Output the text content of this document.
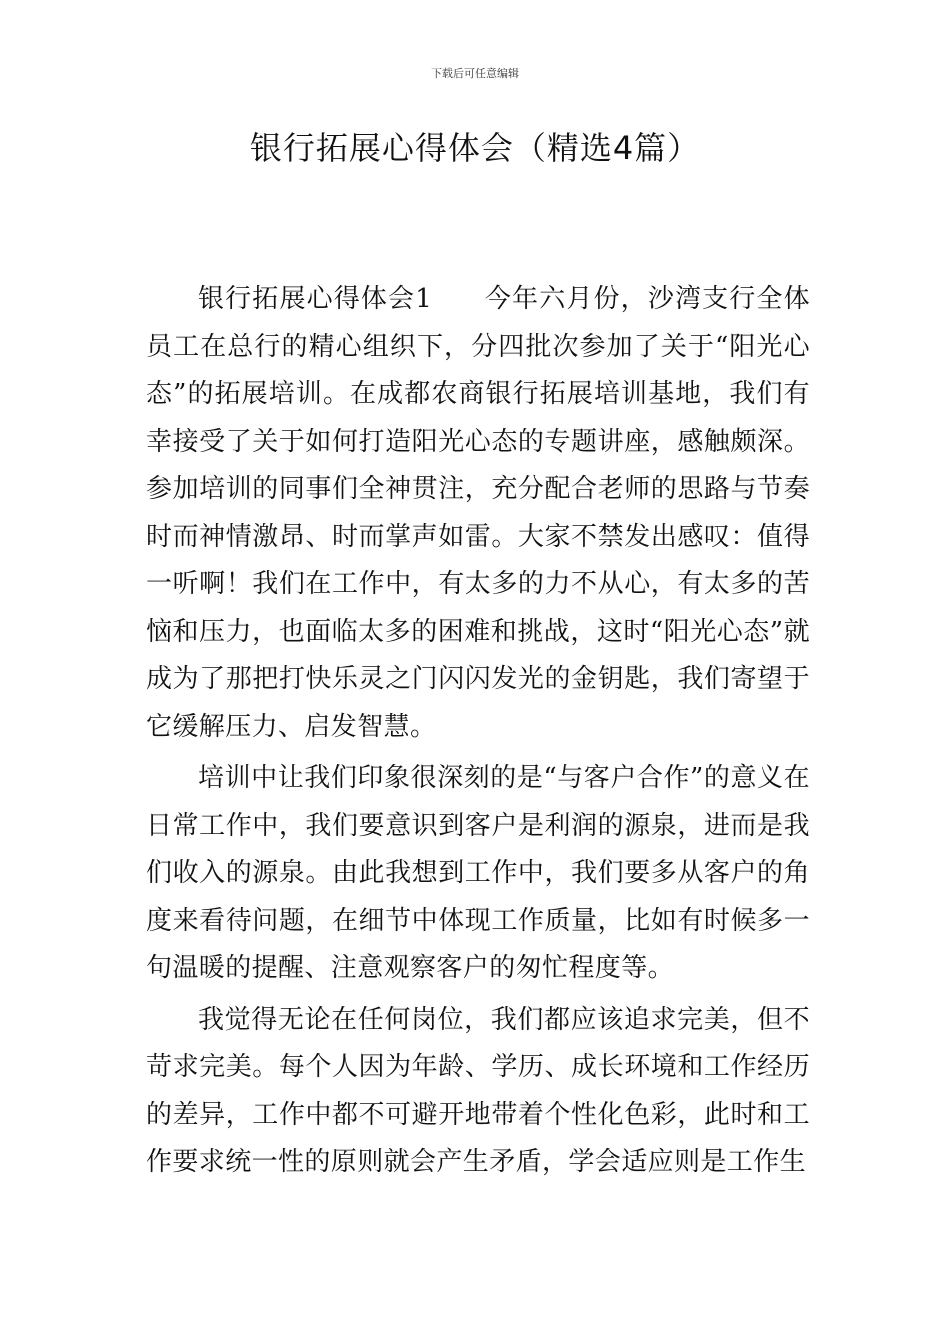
下载后可任意编辑
银行拓展心得体会（精选4篇）

银行拓展心得体会1 今年六月份，沙湾支行全体员工在总行的精心组织下，分四批次参加了关于“阳光心态”的拓展培训。在成都农商银行拓展培训基地，我们有幸接受了关于如何打造阳光心态的专题讲座，感触颇深。参加培训的同事们全神贯注，充分配合老师的思路与节奏时而神情激昂、时而掌声如雷。大家不禁发出感叹：值得一听啊！我们在工作中，有太多的力不从心，有太多的苦恼和压力，也面临太多的困难和挑战，这时“阳光心态”就成为了那把打快乐灵之门闪闪发光的金钥匙，我们寄望于它缓解压力、启发智慧。

培训中让我们印象很深刻的是“与客户合作”的意义在日常工作中，我们要意识到客户是利润的源泉，进而是我们收入的源泉。由此我想到工作中，我们要多从客户的角度来看待问题，在细节中体现工作质量，比如有时候多一句温暖的提醒、注意观察客户的匆忙程度等。

我觉得无论在任何岗位，我们都应该追求完美，但不苛求完美。每个人因为年龄、学历、成长环境和工作经历的差异，工作中都不可避开地带着个性化色彩，此时和工作要求统一性的原则就会产生矛盾，学会适应则是工作生
